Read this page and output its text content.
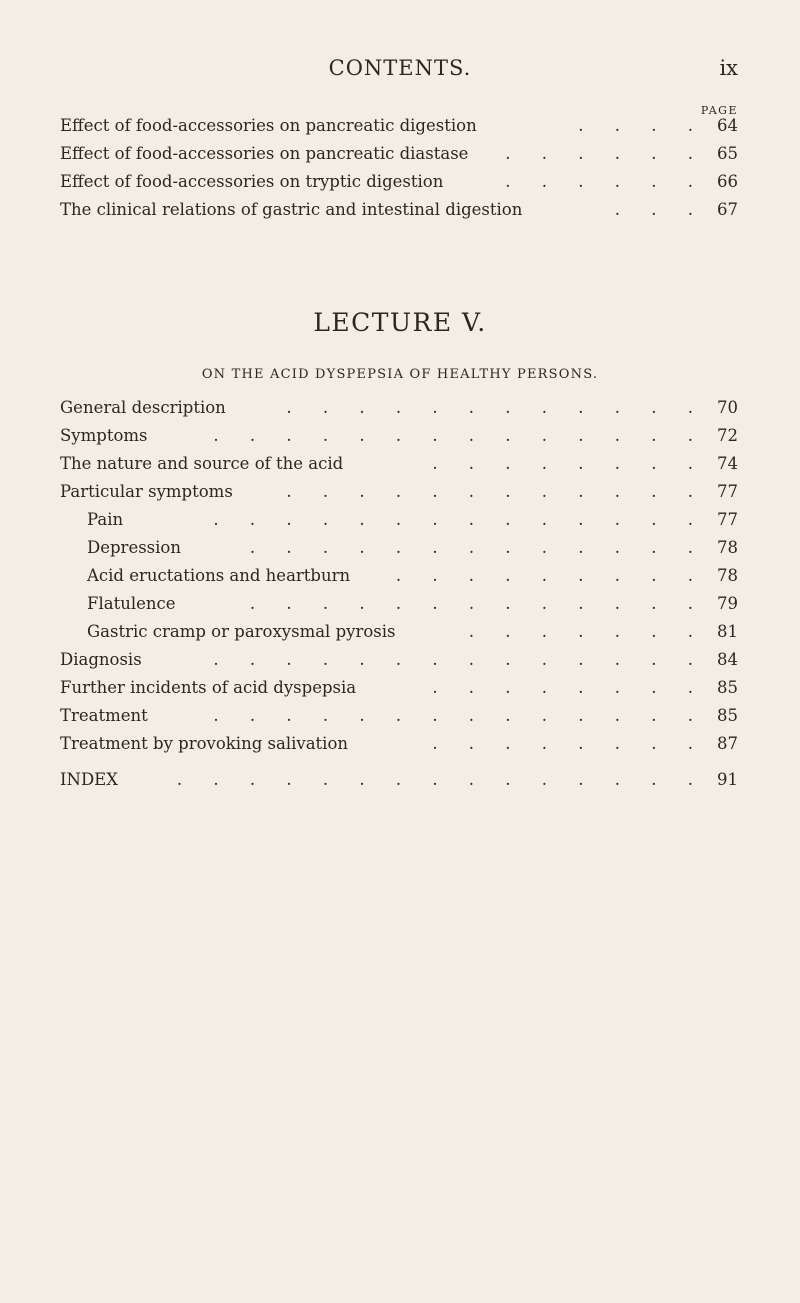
CONTENTS.	ix
PAGE
Effect of food-accessories on pancreatic digestion	. . . . 64
Effect of food-accessories on pancreatic diastase	. . . . . . 65
Effect of food-accessories on tryptic digestion	. . . . . . 66
The clinical relations of gastric and intestinal digestion	. . . 67
LECTURE V.
ON THE ACID DYSPEPSIA OF HEALTHY PERSONS.
General description	. . . . . . . . . . . . 70
Symptoms	. . . . . . . . . . . . . . 72
The nature and source of the acid	. . . . . . . . 74
Particular symptoms	. . . . . . . . . . . . 77
Pain	. . . . . . . . . . . . . . 77
Depression	. . . . . . . . . . . . . 78
Acid eructations and heartburn	. . . . . . . . . 78
Flatulence	. . . . . . . . . . . . . 79
Gastric cramp or paroxysmal pyrosis	. . . . . . . 81
Diagnosis	. . . . . . . . . . . . . . 84
Further incidents of acid dyspepsia	. . . . . . . . 85
Treatment	. . . . . . . . . . . . . . 85
Treatment by provoking salivation	. . . . . . . . 87
INDEX	. . . . . . . . . . . . . . . 91
